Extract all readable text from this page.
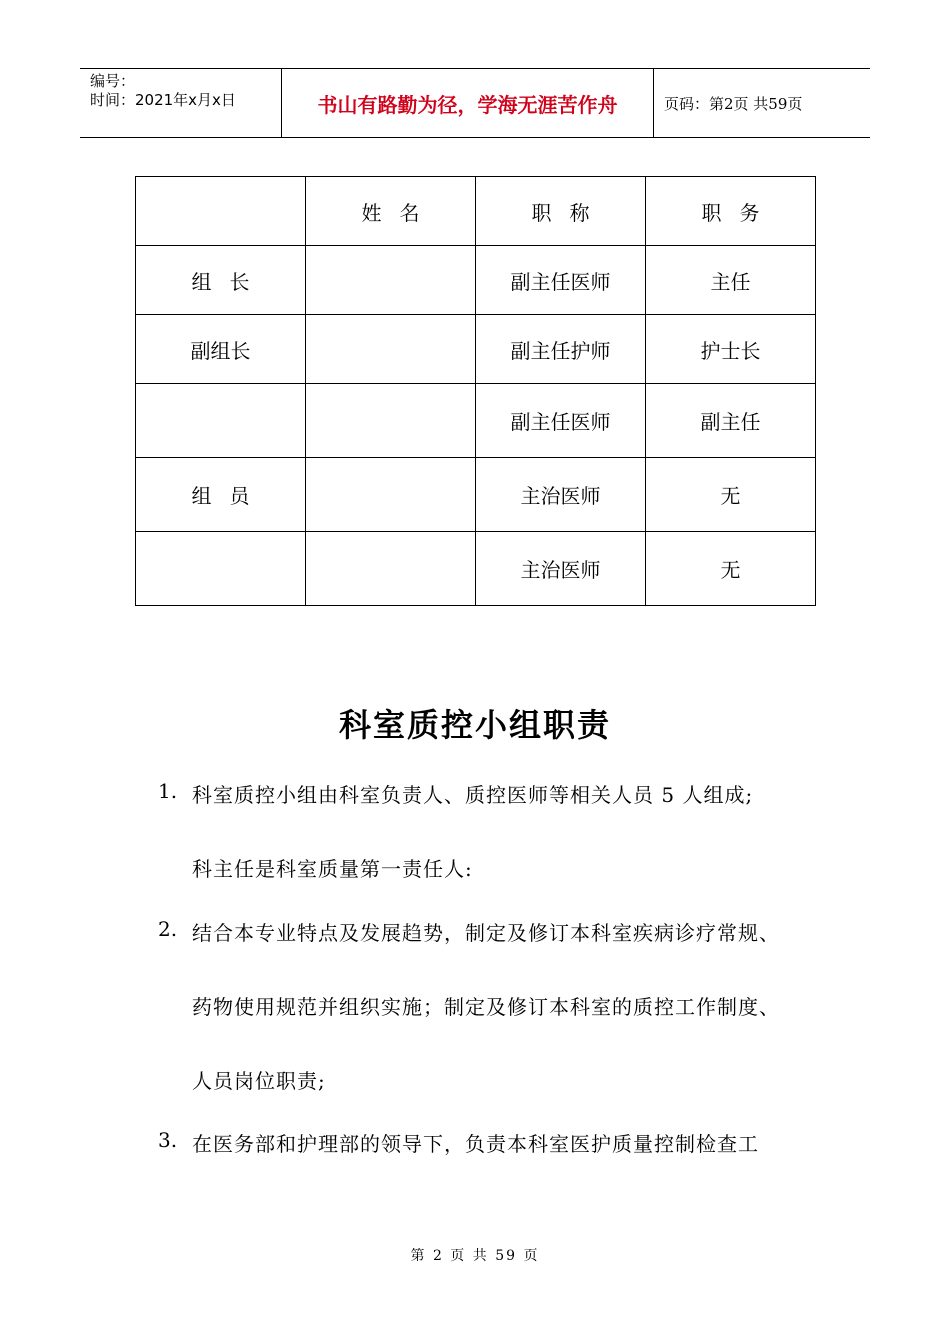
编号：
时间：2021年x月x日	书山有路勤为径，学海无涯苦作舟	页码：第2页 共59页
	姓名	职称	职务
组长		副主任医师	主任
副组长		副主任护师	护士长
		副主任医师	副主任
组员		主治医师	无
		主治医师	无
科室质控小组职责
1. 科室质控小组由科室负责人、质控医师等相关人员 5 人组成;
科主任是科室质量第一责任人:
2. 结合本专业特点及发展趋势，制定及修订本科室疾病诊疗常规、
药物使用规范并组织实施；制定及修订本科室的质控工作制度、
人员岗位职责;
3. 在医务部和护理部的领导下，负责本科室医护质量控制检查工
第 2 页 共 59 页
